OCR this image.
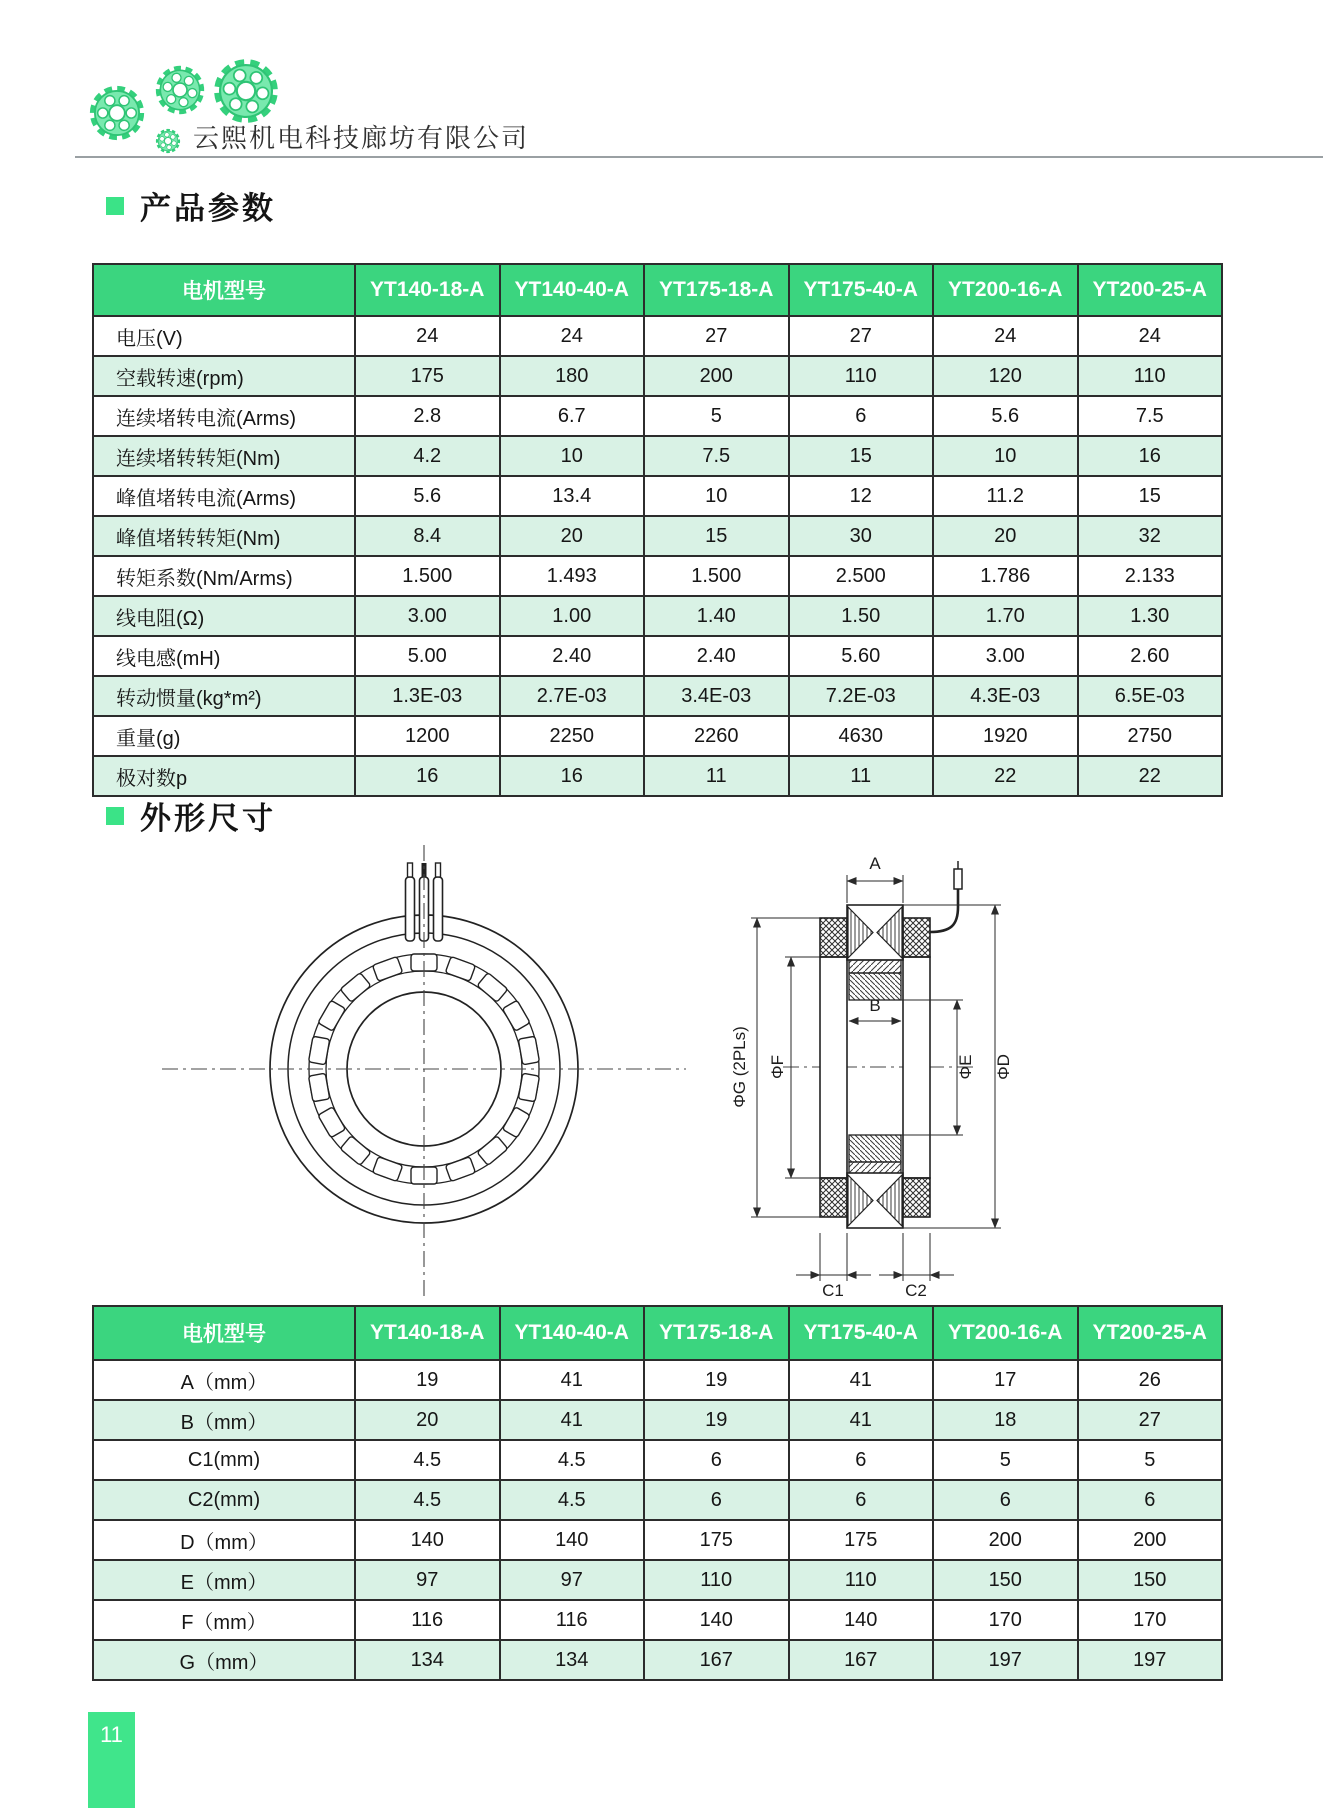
云熙机电科技廊坊有限公司
产品参数
电机型号	YT140-18-A	YT140-40-A	YT175-18-A	YT175-40-A	YT200-16-A	YT200-25-A
电压(V)	24	24	27	27	24	24
空载转速(rpm)	175	180	200	110	120	110
连续堵转电流(Arms)	2.8	6.7	5	6	5.6	7.5
连续堵转转矩(Nm)	4.2	10	7.5	15	10	16
峰值堵转电流(Arms)	5.6	13.4	10	12	11.2	15
峰值堵转转矩(Nm)	8.4	20	15	30	20	32
转矩系数(Nm/Arms)	1.500	1.493	1.500	2.500	1.786	2.133
线电阻(Ω)	3.00	1.00	1.40	1.50	1.70	1.30
线电感(mH)	5.00	2.40	2.40	5.60	3.00	2.60
转动惯量(kg*m²)	1.3E-03	2.7E-03	3.4E-03	7.2E-03	4.3E-03	6.5E-03
重量(g)	1200	2250	2260	4630	1920	2750
极对数p	16	16	11	11	22	22
外形尺寸
A
B
ΦG (2PLs) ΦF	ΦE ΦD
C1	C2
电机型号	YT140-18-A	YT140-40-A	YT175-18-A	YT175-40-A	YT200-16-A	YT200-25-A
A（mm）	19	41	19	41	17	26
B（mm）	20	41	19	41	18	27
C1(mm)	4.5	4.5	6	6	5	5
C2(mm)	4.5	4.5	6	6	6	6
D（mm）	140	140	175	175	200	200
E（mm）	97	97	110	110	150	150
F（mm）	116	116	140	140	170	170
G（mm）	134	134	167	167	197	197
11
